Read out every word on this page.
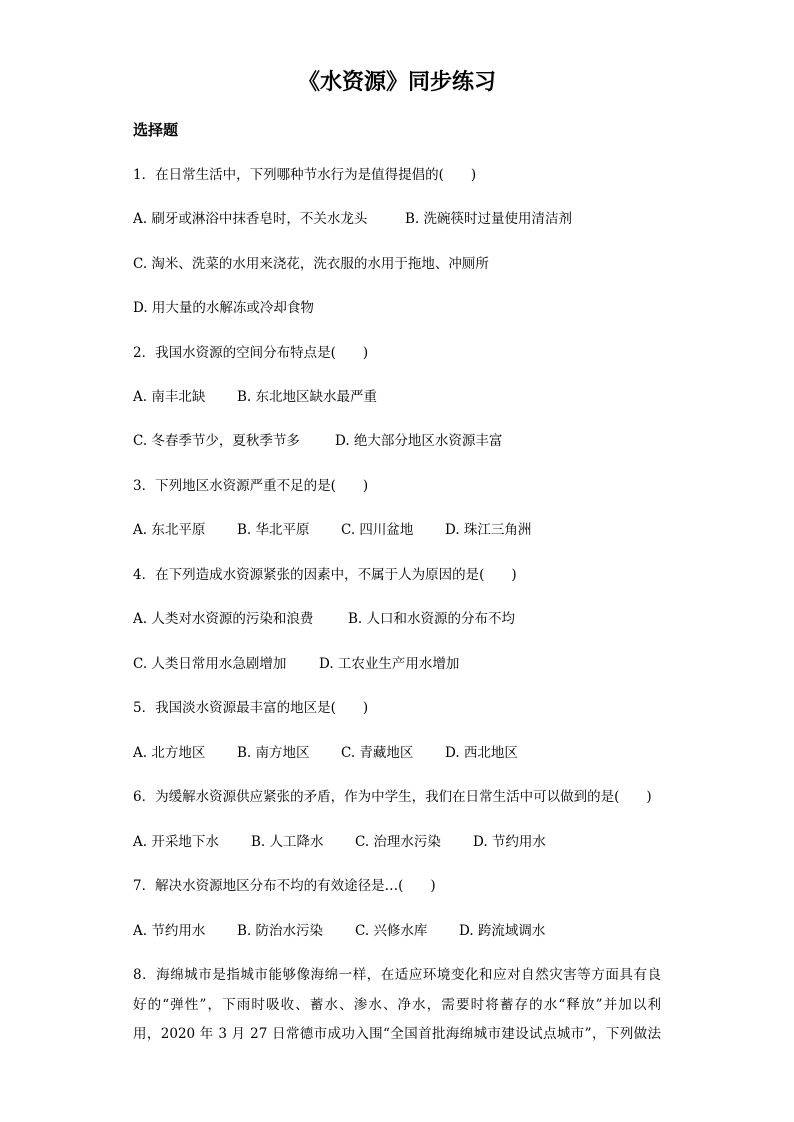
《水资源》同步练习
选择题
1．在日常生活中，下列哪种节水行为是值得提倡的(　　)
A. 刷牙或淋浴中抹香皂时，不关水龙头	B. 洗碗筷时过量使用清洁剂
C. 淘米、洗菜的水用来浇花，洗衣服的水用于拖地、冲厕所
D. 用大量的水解冻或冷却食物
2．我国水资源的空间分布特点是(　　)
A. 南丰北缺 B. 东北地区缺水最严重
C. 冬春季节少，夏秋季节多	D. 绝大部分地区水资源丰富
3．下列地区水资源严重不足的是(　　)
A. 东北平原 B. 华北平原 C. 四川盆地 D. 珠江三角洲
4．在下列造成水资源紧张的因素中，不属于人为原因的是(　　)
A. 人类对水资源的污染和浪费	B. 人口和水资源的分布不均
C. 人类日常用水急剧增加 D. 工农业生产用水增加
5．我国淡水资源最丰富的地区是(　　)
A. 北方地区 B. 南方地区 C. 青藏地区 D. 西北地区
6．为缓解水资源供应紧张的矛盾，作为中学生，我们在日常生活中可以做到的是(　　)
A. 开采地下水 B. 人工降水 C. 治理水污染 D. 节约用水
7．解决水资源地区分布不均的有效途径是…(　　)
A. 节约用水 B. 防治水污染 C. 兴修水库 D. 跨流域调水
8．海绵城市是指城市能够像海绵一样，在适应环境变化和应对自然灾害等方面具有良
好的“弹性”，下雨时吸收、蓄水、渗水、净水，需要时将蓄存的水“释放”并加以利
用，2020 年 3 月 27 日常德市成功入围“全国首批海绵城市建设试点城市”，下列做法
